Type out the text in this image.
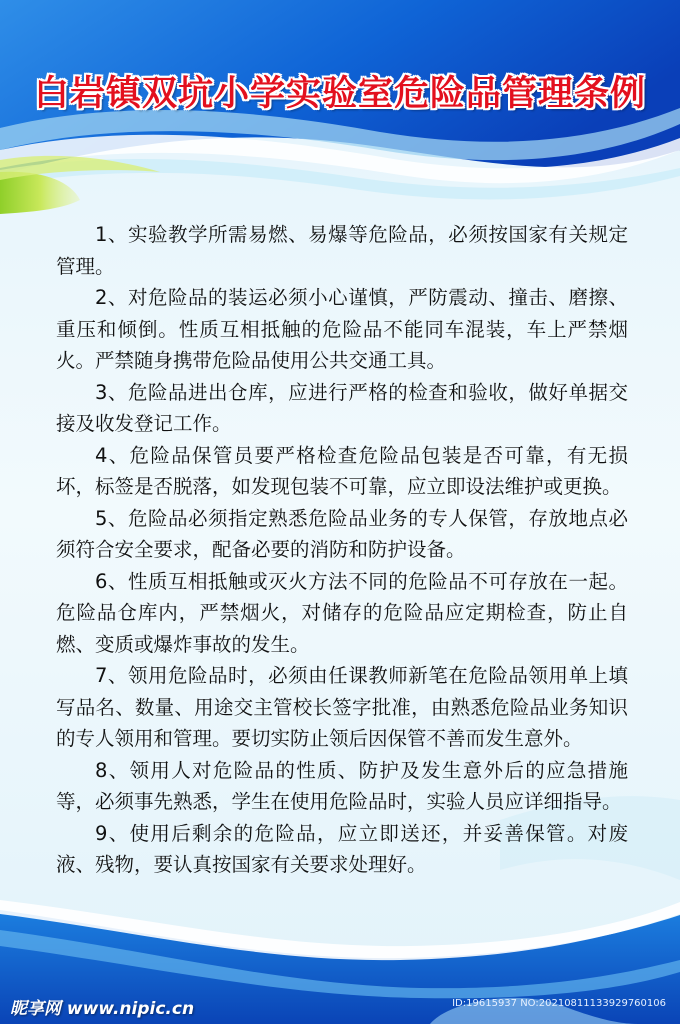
白岩镇双坑小学实验室危险品管理条例

1、实验教学所需易燃、易爆等危险品，必须按国家有关规定管理。

2、对危险品的装运必须小心谨慎，严防震动、撞击、磨擦、重压和倾倒。性质互相抵触的危险品不能同车混装，车上严禁烟火。严禁随身携带危险品使用公共交通工具。

3、危险品进出仓库，应进行严格的检查和验收，做好单据交接及收发登记工作。

4、危险品保管员要严格检查危险品包装是否可靠，有无损坏，标签是否脱落，如发现包装不可靠，应立即设法维护或更换。

5、危险品必须指定熟悉危险品业务的专人保管，存放地点必须符合安全要求，配备必要的消防和防护设备。

6、性质互相抵触或灭火方法不同的危险品不可存放在一起。危险品仓库内，严禁烟火，对储存的危险品应定期检查，防止自燃、变质或爆炸事故的发生。

7、领用危险品时，必须由任课教师新笔在危险品领用单上填写品名、数量、用途交主管校长签字批准，由熟悉危险品业务知识的专人领用和管理。要切实防止领后因保管不善而发生意外。

8、领用人对危险品的性质、防护及发生意外后的应急措施等，必须事先熟悉，学生在使用危险品时，实验人员应详细指导。

9、使用后剩余的危险品，应立即送还，并妥善保管。对废液、残物，要认真按国家有关要求处理好。

昵享网 www.nipic.cn	ID:19615937 NO:20210811133929760106
